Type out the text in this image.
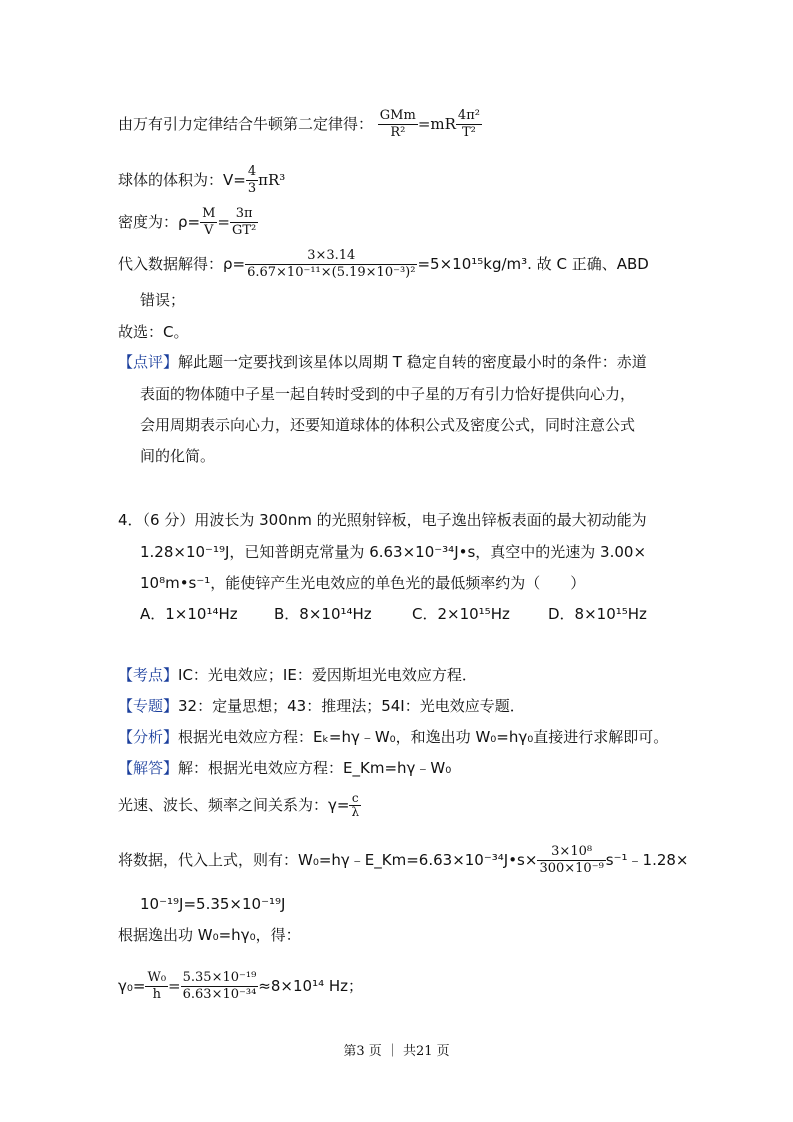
由万有引力定律结合牛顿第二定律得： $\frac{\text{GMm}}{\text{R²}} =mR \frac{\text{4π²}}{\text{T²}}$
球体的体积为：$V= \frac{4}{3} \pi R^3$
密度为：$\rho= \frac{M}{V} = \frac{3\pi}{\text{GT²}}$
代入数据解得：$\rho= \frac{3\times 3.14}{\text{6.67×10⁻¹¹×(5.19×10⁻³)²}} =5\times 10^{15}kg/m^3$. 故 C 正确、ABD
错误；
故选：C。
【点评】解此题一定要找到该星体以周期 T 稳定自转的密度最小时的条件：赤道
表面的物体随中子星一起自转时受到的中子星的万有引力恰好提供向心力，
会用周期表示向心力，还要知道球体的体积公式及密度公式，同时注意公式
间的化简。
4．（6 分）用波长为 300nm 的光照射锌板，电子逸出锌板表面的最大初动能为
1.28×10⁻¹⁹J，已知普朗克常量为 6.63×10⁻³⁴J•s，真空中的光速为 3.00×
10⁸m•s⁻¹，能使锌产生光电效应的单色光的最低频率约为（　　）
A．1×10¹⁴Hz B．8×10¹⁴Hz	C．2×10¹⁵Hz	D．8×10¹⁵Hz
【考点】IC：光电效应；IE：爱因斯坦光电效应方程．
【专题】32：定量思想；43：推理法；54I：光电效应专题．
【分析】根据光电效应方程：Eₖ=hγ﹣W₀，和逸出功 W₀=hγ₀直接进行求解即可。
【解答】解：根据光电效应方程：E_Km=hγ﹣W₀
光速、波长、频率之间关系为：$\gamma= \frac{c}{\lambda}$
将数据，代入上式，则有：W₀=hγ﹣E_Km=6.63×10⁻³⁴J•s× $\frac{\text{3×10⁸}}{\text{300×10⁻⁹}}$ s⁻¹﹣1.28×
10⁻¹⁹J=5.35×10⁻¹⁹J
根据逸出功 W₀=hγ₀，得：
$\gamma_0= \frac{\text{W₀}}{h} = \frac{\text{5.35×10⁻¹⁹}}{\text{6.63×10⁻³⁴}} \approx 8\times 10^{14}$ Hz；
第3 页 ｜ 共21 页
